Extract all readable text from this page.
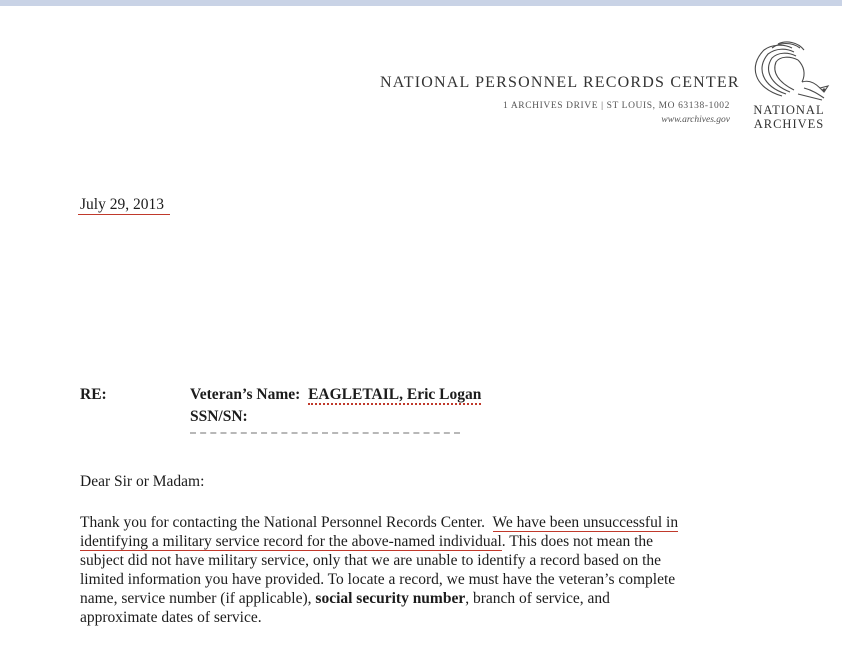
NATIONAL PERSONNEL RECORDS CENTER
1 ARCHIVES DRIVE | ST LOUIS, MO 63138-1002
www.archives.gov
NATIONAL
ARCHIVES
July 29, 2013
RE:	Veteran’s Name: EAGLETAIL, Eric Logan
SSN/SN:
Dear Sir or Madam:
Thank you for contacting the National Personnel Records Center. We have been unsuccessful in
identifying a military service record for the above-named individual. This does not mean the
subject did not have military service, only that we are unable to identify a record based on the
limited information you have provided. To locate a record, we must have the veteran’s complete
name, service number (if applicable), social security number, branch of service, and
approximate dates of service.
